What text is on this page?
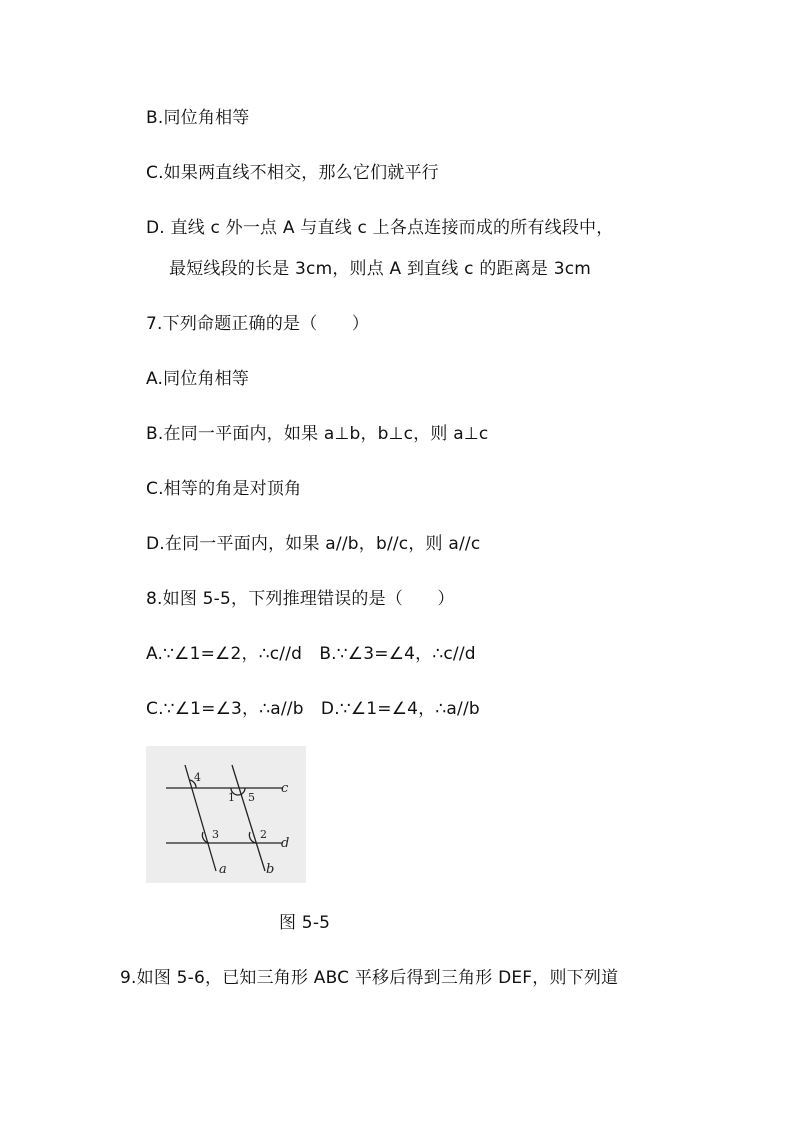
B.同位角相等
C.如果两直线不相交，那么它们就平行
D. 直线 c 外一点 A 与直线 c 上各点连接而成的所有线段中，
最短线段的长是 3cm，则点 A 到直线 c 的距离是 3cm
7.下列命题正确的是（　　）
A.同位角相等
B.在同一平面内，如果 a⊥b，b⊥c，则 a⊥c
C.相等的角是对顶角
D.在同一平面内，如果 a//b，b//c，则 a//c
8.如图 5-5，下列推理错误的是（　　）
A.∵∠1=∠2，∴c//d　B.∵∠3=∠4，∴c//d
C.∵∠1=∠3，∴a//b　D.∵∠1=∠4，∴a//b
4
1 5
3	2
c
d
a	b
图 5-5
9.如图 5-6，已知三角形 ABC 平移后得到三角形 DEF，则下列道
